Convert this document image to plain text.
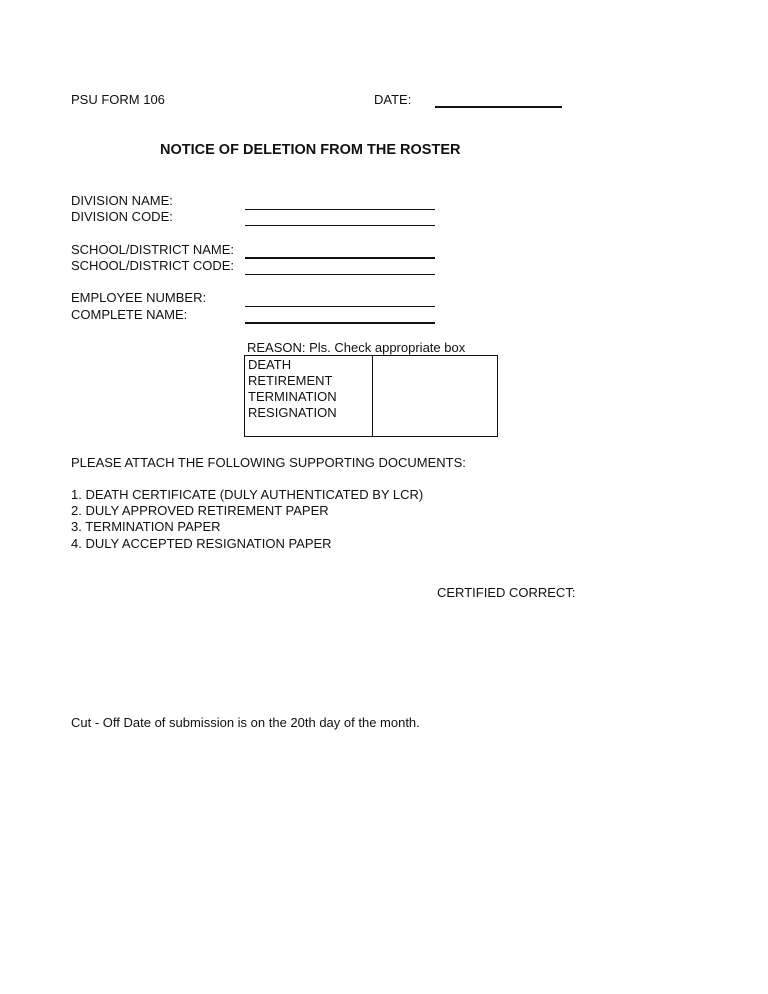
PSU FORM 106	DATE:
NOTICE OF DELETION FROM THE ROSTER
DIVISION NAME:
DIVISION CODE:
SCHOOL/DISTRICT NAME:
SCHOOL/DISTRICT CODE:
EMPLOYEE NUMBER:
COMPLETE NAME:
REASON: Pls. Check appropriate box
DEATH
RETIREMENT
TERMINATION
RESIGNATION
PLEASE ATTACH THE FOLLOWING SUPPORTING DOCUMENTS:
1. DEATH CERTIFICATE (DULY AUTHENTICATED BY LCR)
2. DULY APPROVED RETIREMENT PAPER
3. TERMINATION PAPER
4. DULY ACCEPTED RESIGNATION PAPER
CERTIFIED CORRECT:
Cut - Off Date of submission is on the 20th day of the month.
